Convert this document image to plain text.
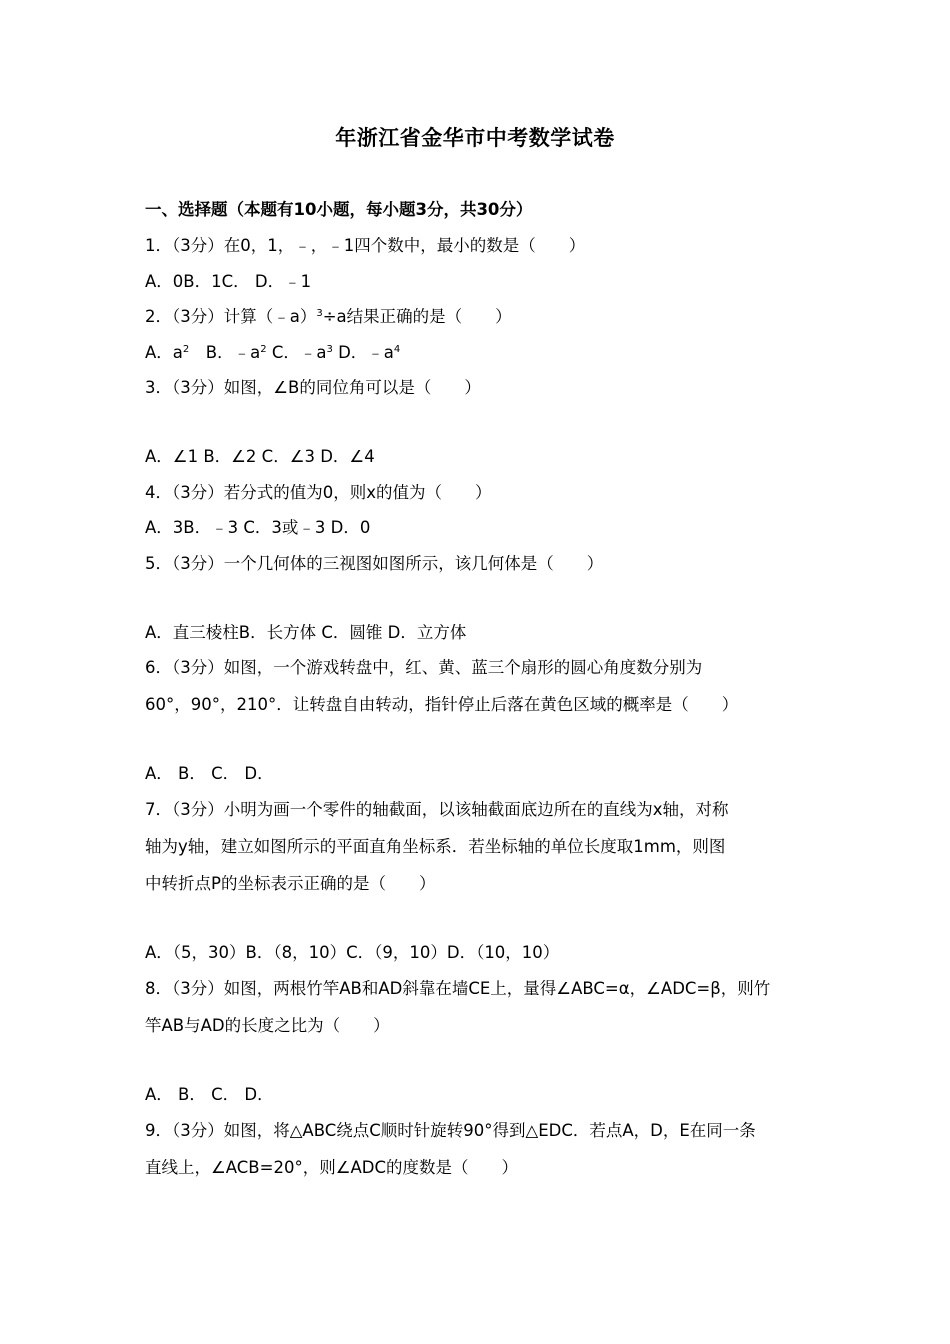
年浙江省金华市中考数学试卷
一、选择题（本题有10小题，每小题3分，共30分）
1．（3分）在0，1，﹣，﹣1四个数中，最小的数是（　　）
A．0B．1C． D．﹣1
2．（3分）计算（﹣a）$^3$÷a结果正确的是（　　）
A．$a^2$　B．$﹣a^2$ C．$﹣a^3$ D．$﹣a^4$
3．（3分）如图，∠B的同位角可以是（　　）
A．∠1 B．∠2 C．∠3 D．∠4
4．（3分）若分式的值为0，则x的值为（　　）
A．3B．﹣3 C．3或﹣3 D．0
5．（3分）一个几何体的三视图如图所示，该几何体是（　　）
A．直三棱柱B．长方体 C．圆锥 D．立方体
6．（3分）如图，一个游戏转盘中，红、黄、蓝三个扇形的圆心角度数分别为
60°，90°，210°．让转盘自由转动，指针停止后落在黄色区域的概率是（　　）
A． B． C． D．
7．（3分）小明为画一个零件的轴截面，以该轴截面底边所在的直线为x轴，对称
轴为y轴，建立如图所示的平面直角坐标系．若坐标轴的单位长度取1mm，则图
中转折点P的坐标表示正确的是（　　）
A．（5，30）B．（8，10）C．（9，10）D．（10，10）
8．（3分）如图，两根竹竿AB和AD斜靠在墙CE上，量得∠ABC=α，∠ADC=β，则竹
竿AB与AD的长度之比为（　　）
A． B． C． D．
9．（3分）如图，将△ABC绕点C顺时针旋转90°得到△EDC．若点A，D，E在同一条
直线上，∠ACB=20°，则∠ADC的度数是（　　）
